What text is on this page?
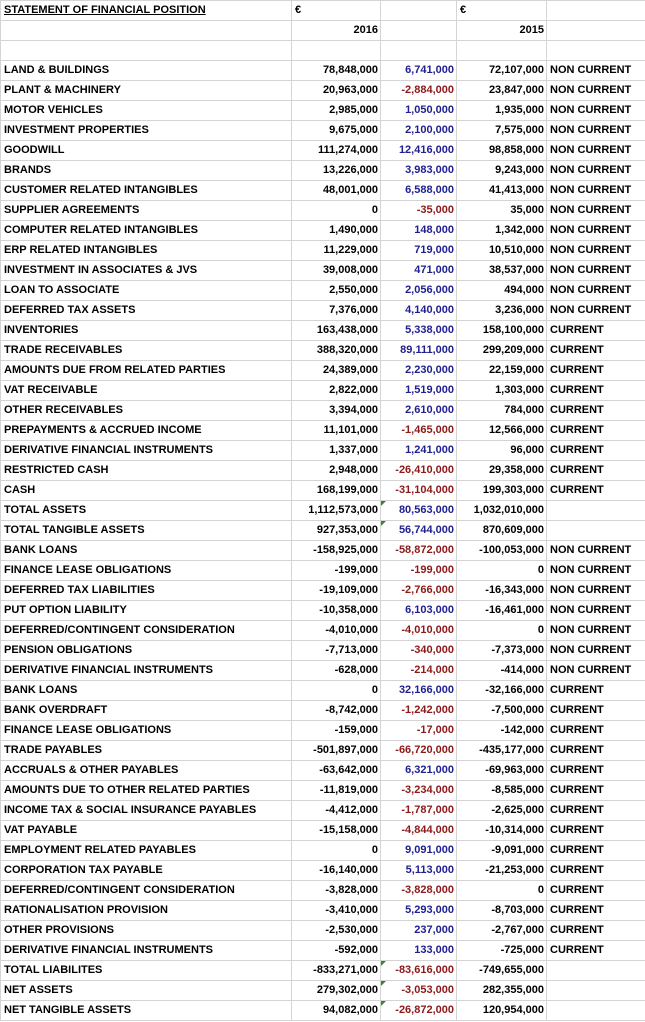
STATEMENT OF FINANCIAL POSITION	€		€	
	2016		2015	

LAND & BUILDINGS	78,848,000	6,741,000	72,107,000	NON CURRENT
PLANT & MACHINERY	20,963,000	-2,884,000	23,847,000	NON CURRENT
MOTOR VEHICLES	2,985,000	1,050,000	1,935,000	NON CURRENT
INVESTMENT PROPERTIES	9,675,000	2,100,000	7,575,000	NON CURRENT
GOODWILL	111,274,000	12,416,000	98,858,000	NON CURRENT
BRANDS	13,226,000	3,983,000	9,243,000	NON CURRENT
CUSTOMER RELATED INTANGIBLES	48,001,000	6,588,000	41,413,000	NON CURRENT
SUPPLIER AGREEMENTS	0	-35,000	35,000	NON CURRENT
COMPUTER RELATED INTANGIBLES	1,490,000	148,000	1,342,000	NON CURRENT
ERP RELATED INTANGIBLES	11,229,000	719,000	10,510,000	NON CURRENT
INVESTMENT IN ASSOCIATES & JVS	39,008,000	471,000	38,537,000	NON CURRENT
LOAN TO ASSOCIATE	2,550,000	2,056,000	494,000	NON CURRENT
DEFERRED TAX ASSETS	7,376,000	4,140,000	3,236,000	NON CURRENT
INVENTORIES	163,438,000	5,338,000	158,100,000	CURRENT
TRADE RECEIVABLES	388,320,000	89,111,000	299,209,000	CURRENT
AMOUNTS DUE FROM RELATED PARTIES	24,389,000	2,230,000	22,159,000	CURRENT
VAT RECEIVABLE	2,822,000	1,519,000	1,303,000	CURRENT
OTHER RECEIVABLES	3,394,000	2,610,000	784,000	CURRENT
PREPAYMENTS & ACCRUED INCOME	11,101,000	-1,465,000	12,566,000	CURRENT
DERIVATIVE FINANCIAL INSTRUMENTS	1,337,000	1,241,000	96,000	CURRENT
RESTRICTED CASH	2,948,000	-26,410,000	29,358,000	CURRENT
CASH	168,199,000	-31,104,000	199,303,000	CURRENT
TOTAL ASSETS	1,112,573,000	80,563,000	1,032,010,000	
TOTAL TANGIBLE ASSETS	927,353,000	56,744,000	870,609,000	
BANK LOANS	-158,925,000	-58,872,000	-100,053,000	NON CURRENT
FINANCE LEASE OBLIGATIONS	-199,000	-199,000	0	NON CURRENT
DEFERRED TAX LIABILITIES	-19,109,000	-2,766,000	-16,343,000	NON CURRENT
PUT OPTION LIABILITY	-10,358,000	6,103,000	-16,461,000	NON CURRENT
DEFERRED/CONTINGENT CONSIDERATION	-4,010,000	-4,010,000	0	NON CURRENT
PENSION OBLIGATIONS	-7,713,000	-340,000	-7,373,000	NON CURRENT
DERIVATIVE FINANCIAL INSTRUMENTS	-628,000	-214,000	-414,000	NON CURRENT
BANK LOANS	0	32,166,000	-32,166,000	CURRENT
BANK OVERDRAFT	-8,742,000	-1,242,000	-7,500,000	CURRENT
FINANCE LEASE OBLIGATIONS	-159,000	-17,000	-142,000	CURRENT
TRADE PAYABLES	-501,897,000	-66,720,000	-435,177,000	CURRENT
ACCRUALS & OTHER PAYABLES	-63,642,000	6,321,000	-69,963,000	CURRENT
AMOUNTS DUE TO OTHER RELATED PARTIES	-11,819,000	-3,234,000	-8,585,000	CURRENT
INCOME TAX & SOCIAL INSURANCE PAYABLES	-4,412,000	-1,787,000	-2,625,000	CURRENT
VAT PAYABLE	-15,158,000	-4,844,000	-10,314,000	CURRENT
EMPLOYMENT RELATED PAYABLES	0	9,091,000	-9,091,000	CURRENT
CORPORATION TAX PAYABLE	-16,140,000	5,113,000	-21,253,000	CURRENT
DEFERRED/CONTINGENT CONSIDERATION	-3,828,000	-3,828,000	0	CURRENT
RATIONALISATION PROVISION	-3,410,000	5,293,000	-8,703,000	CURRENT
OTHER PROVISIONS	-2,530,000	237,000	-2,767,000	CURRENT
DERIVATIVE FINANCIAL INSTRUMENTS	-592,000	133,000	-725,000	CURRENT
TOTAL LIABILITES	-833,271,000	-83,616,000	-749,655,000	
NET ASSETS	279,302,000	-3,053,000	282,355,000	
NET TANGIBLE ASSETS	94,082,000	-26,872,000	120,954,000	
